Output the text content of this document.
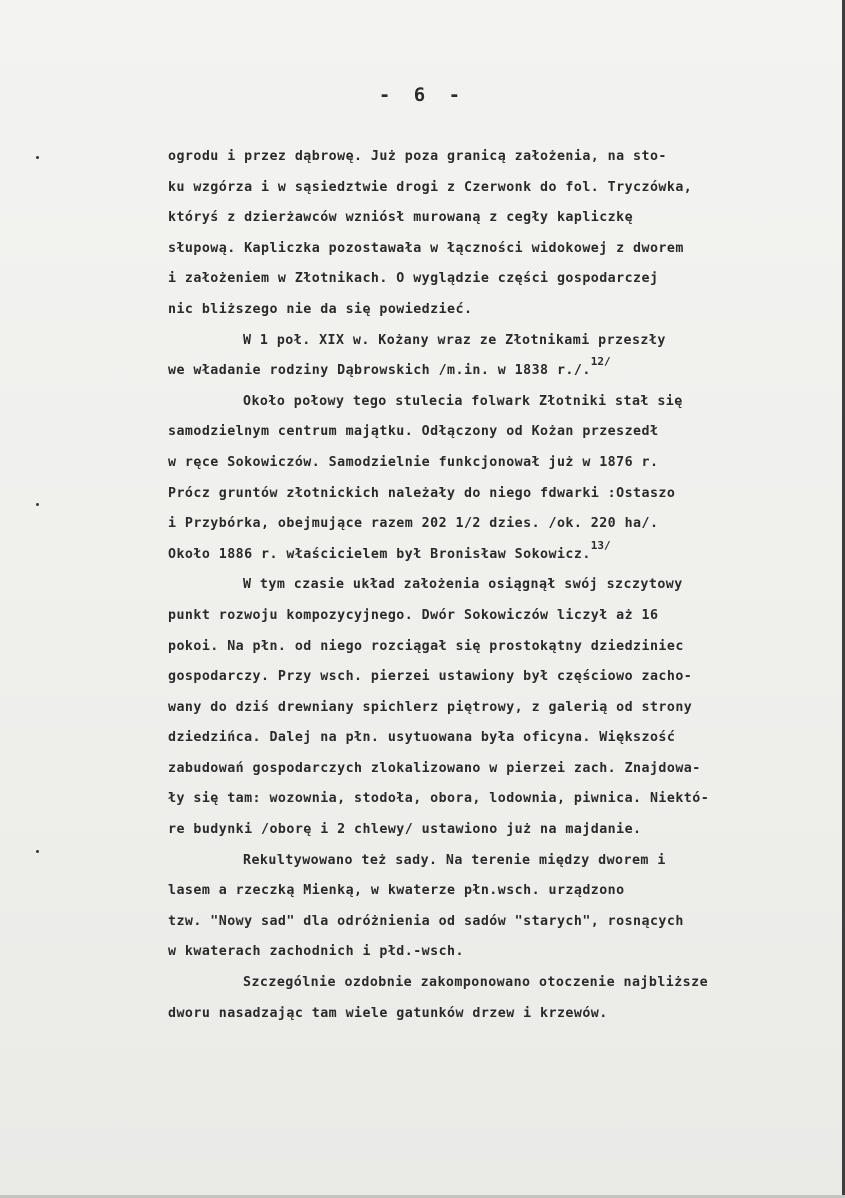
- 6 -
ogrodu i przez dąbrowę. Już poza granicą założenia, na sto-
ku wzgórza i w sąsiedztwie drogi z Czerwonk do fol. Tryczówka,
któryś z dzierżawców wzniósł murowaną z cegły kapliczkę
słupową. Kapliczka pozostawała w łączności widokowej z dworem
i założeniem w Złotnikach. O wyglądzie części gospodarczej
nic bliższego nie da się powiedzieć.
W 1 poł. XIX w. Kożany wraz ze Złotnikami przeszły
we władanie rodziny Dąbrowskich /m.in. w 1838 r./.12/
Około połowy tego stulecia folwark Złotniki stał się
samodzielnym centrum majątku. Odłączony od Kożan przeszedł
w ręce Sokowiczów. Samodzielnie funkcjonował już w 1876 r.
Prócz gruntów złotnickich należały do niego fdwarki :Ostaszo
i Przybórka, obejmujące razem 202 1/2 dzies. /ok. 220 ha/.
Około 1886 r. właścicielem był Bronisław Sokowicz.13/
W tym czasie układ założenia osiągnął swój szczytowy
punkt rozwoju kompozycyjnego. Dwór Sokowiczów liczył aż 16
pokoi. Na płn. od niego rozciągał się prostokątny dziedziniec
gospodarczy. Przy wsch. pierzei ustawiony był częściowo zacho-
wany do dziś drewniany spichlerz piętrowy, z galerią od strony
dziedzińca. Dalej na płn. usytuowana była oficyna. Większość
zabudowań gospodarczych zlokalizowano w pierzei zach. Znajdowa-
ły się tam: wozownia, stodoła, obora, lodownia, piwnica. Niektó-
re budynki /oborę i 2 chlewy/ ustawiono już na majdanie.
Rekultywowano też sady. Na terenie między dworem i
lasem a rzeczką Mienką, w kwaterze płn.wsch. urządzono
tzw. "Nowy sad" dla odróżnienia od sadów "starych", rosnących
w kwaterach zachodnich i płd.-wsch.
Szczególnie ozdobnie zakomponowano otoczenie najbliższe
dworu nasadzając tam wiele gatunków drzew i krzewów.
